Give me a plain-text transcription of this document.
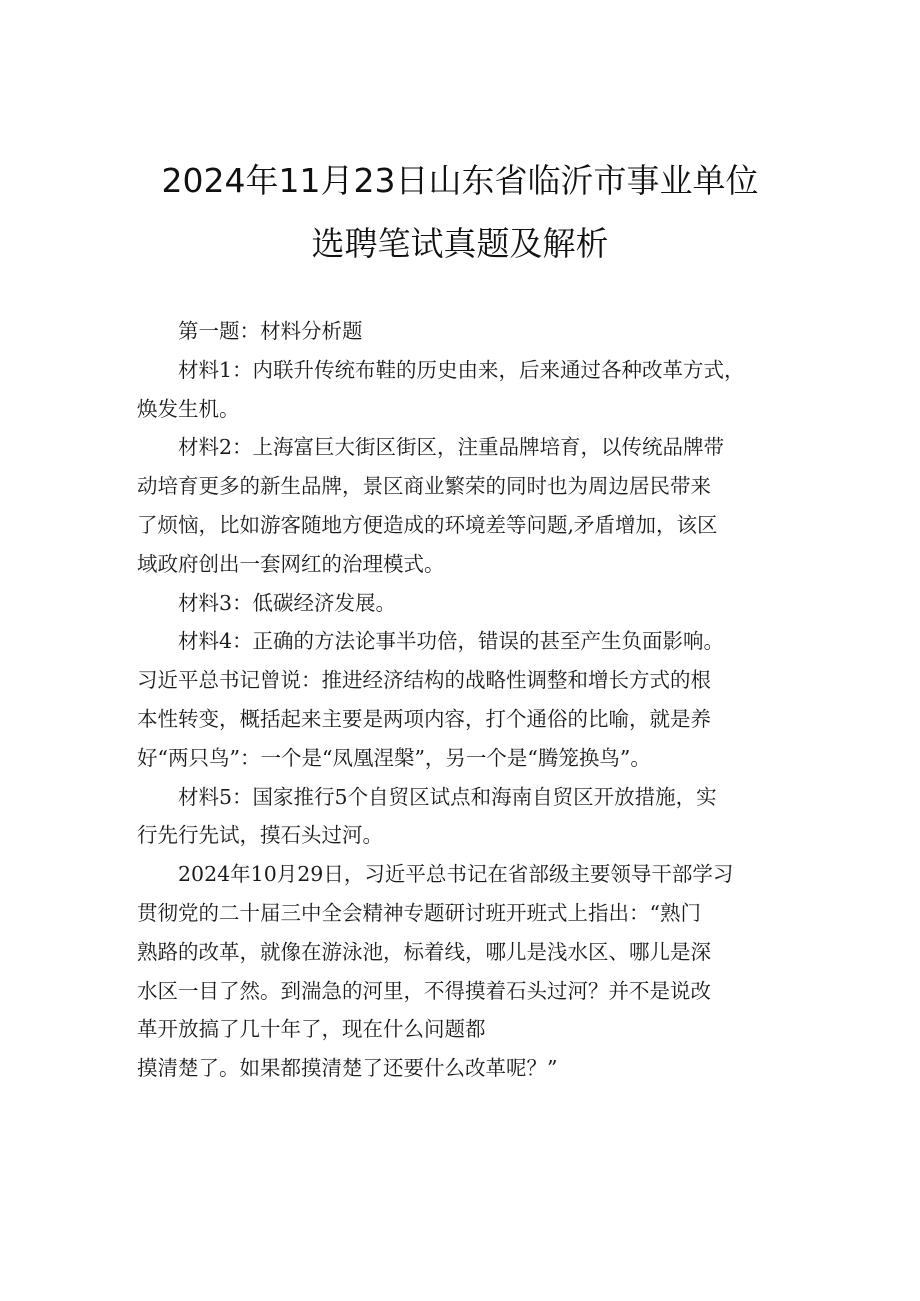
2024年11月23日山东省临沂市事业单位
选聘笔试真题及解析
第一题：材料分析题
材料1：内联升传统布鞋的历史由来，后来通过各种改革方式，
焕发生机。
材料2：上海富巨大街区街区，注重品牌培育，以传统品牌带
动培育更多的新生品牌，景区商业繁荣的同时也为周边居民带来
了烦恼，比如游客随地方便造成的环境差等问题,矛盾增加，该区
域政府创出一套网红的治理模式。
材料3：低碳经济发展。
材料4：正确的方法论事半功倍，错误的甚至产生负面影响。
习近平总书记曾说：推进经济结构的战略性调整和增长方式的根
本性转变，概括起来主要是两项内容，打个通俗的比喻，就是养
好“两只鸟”：一个是“凤凰涅槃”，另一个是“腾笼换鸟”。
材料5：国家推行5个自贸区试点和海南自贸区开放措施，实
行先行先试，摸石头过河。
2024年10月29日，习近平总书记在省部级主要领导干部学习
贯彻党的二十届三中全会精神专题研讨班开班式上指出：“熟门
熟路的改革，就像在游泳池，标着线，哪儿是浅水区、哪儿是深
水区一目了然。到湍急的河里，不得摸着石头过河？并不是说改
革开放搞了几十年了，现在什么问题都
摸清楚了。如果都摸清楚了还要什么改革呢？”
